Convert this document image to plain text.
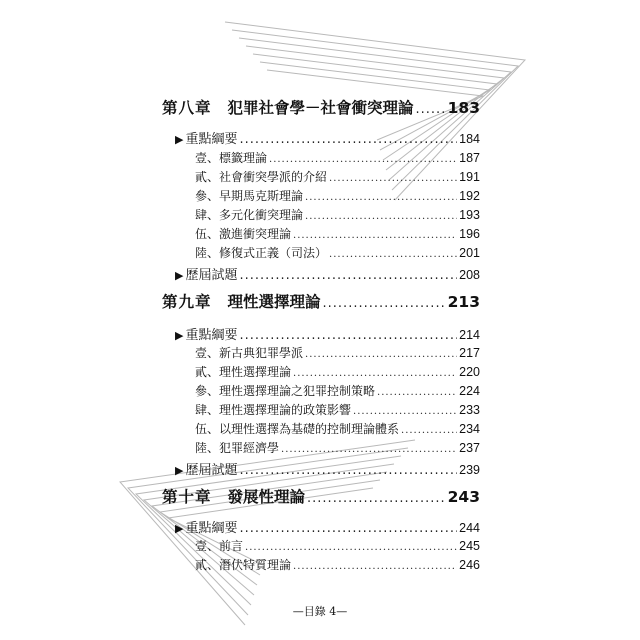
第八章 犯罪社會學－社會衝突理論 ..... 183
▶ 重點綱要 .....	184
壹、標籤理論 .....	187
貳、社會衝突學派的介紹 .....	191
參、早期馬克斯理論 .....	192
肆、多元化衝突理論 .....	193
伍、激進衝突理論 .....	196
陸、修復式正義（司法） .....	201
▶ 歷屆試題 .....	208
第九章 理性選擇理論 .....	213
▶ 重點綱要 .....	214
壹、新古典犯罪學派 .....	217
貳、理性選擇理論 .....	220
參、理性選擇理論之犯罪控制策略 .....	224
肆、理性選擇理論的政策影響 .....	233
伍、以理性選擇為基礎的控制理論體系 .....	234
陸、犯罪經濟學 .....	237
▶ 歷屆試題 .....	239
第十章 發展性理論 .....	243
▶ 重點綱要 .....	244
壹、前言 .....	245
貳、潛伏特質理論 .....	246
—目錄 4—
